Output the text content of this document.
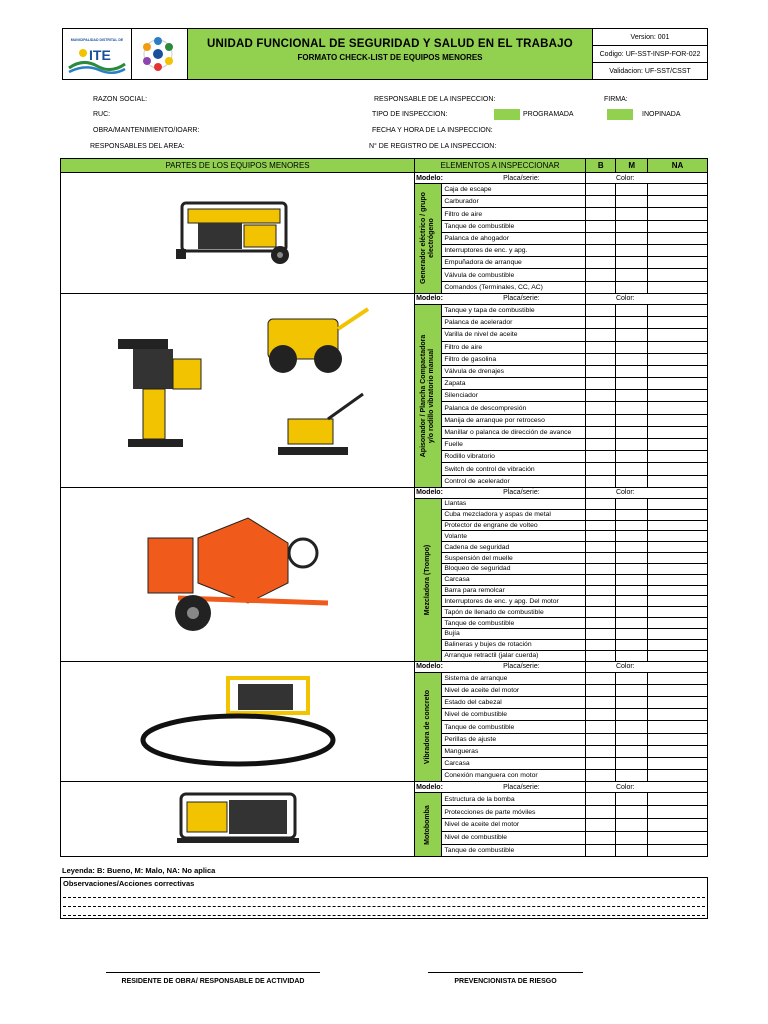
MUNICIPALIDAD DISTRITAL DE
ITE

UNIDAD FUNCIONAL DE SEGURIDAD Y SALUD EN EL TRABAJO
FORMATO CHECK-LIST DE EQUIPOS MENORES
	Version: 001
Codigo: UF-SST-INSP-FOR-022
Validacion: UF-SST/CSST
RAZON SOCIAL:
RUC:
OBRA/MANTENIMIENTO/IOARR:
RESPONSABLES DEL AREA:
RESPONSABLE DE LA INSPECCION:
TIPO DE INSPECCION:
FECHA Y HORA DE LA INSPECCION:
N° DE REGISTRO DE LA INSPECCION:
FIRMA:
PROGRAMADA	INOPINADA
PARTES DE LOS EQUIPOS MENORES	ELEMENTOS A INSPECCIONAR		B	M	NA
	Modelo: Placa/serie:		Color:		

	Generador eléctrico / grupo
electrógeno	Caja de escape			
		Carburador			
		Filtro de aire			
		Tanque de combustible			
		Palanca de ahogador			
		Interruptores de enc. y apg.			
		Empuñadora de arranque			
		Válvula de combustible			
		Comandos (Terminales, CC, AC)			
	Modelo: Placa/serie:		Color:		

	Apisonador / Plancha Compactadora
y/o rodillo vibratorio manual	Tanque y tapa de combustible			
		Palanca de acelerador			
		Varilla de nivel de aceite			
		Filtro de aire			
		Filtro de gasolina			
		Válvula de drenajes			
		Zapata			
		Silenciador			
		Palanca de descompresión			
		Manija de arranque por retroceso			
		Manillar o palanca de dirección de avance			
		Fuelle			
		Rodillo vibratorio			
		Switch de control de vibración			
		Control de acelerador			
	Modelo: Placa/serie:		Color:		

	Mezcladora (Trompo)	Llantas			
		Cuba mezcladora y aspas de metal			
		Protector de engrane de volteo			
		Volante			
		Cadena de seguridad			
		Suspensión del muelle			
		Bloqueo de seguridad			
		Carcasa			
		Barra para remolcar			
		Interruptores de enc. y apg. Del motor			
		Tapón de llenado de combustible			
		Tanque de combustible			
		Bujía			
		Balineras y bujes de rotación			
		Arranque retractil (jalar cuerda)			
	Modelo: Placa/serie:		Color:		

	Vibradora de concreto	Sistema de arranque			
		Nivel de aceite del motor			
		Estado del cabezal			
		Nivel de combustible			
		Tanque de combustible			
		Perillas de ajuste			
		Mangueras			
		Carcasa			
		Conexión manguera con motor			
	Modelo: Placa/serie:		Color:		

	Motobomba	Estructura de la bomba			
		Protecciones de parte móviles			
		Nivel de aceite del motor			
		Nivel de combustible			
		Tanque de combustible			
Leyenda: B: Bueno, M: Malo, NA: No aplica
Observaciones/Acciones correctivas
RESIDENTE DE OBRA/ RESPONSABLE DE ACTIVIDAD	PREVENCIONISTA DE RIESGO
